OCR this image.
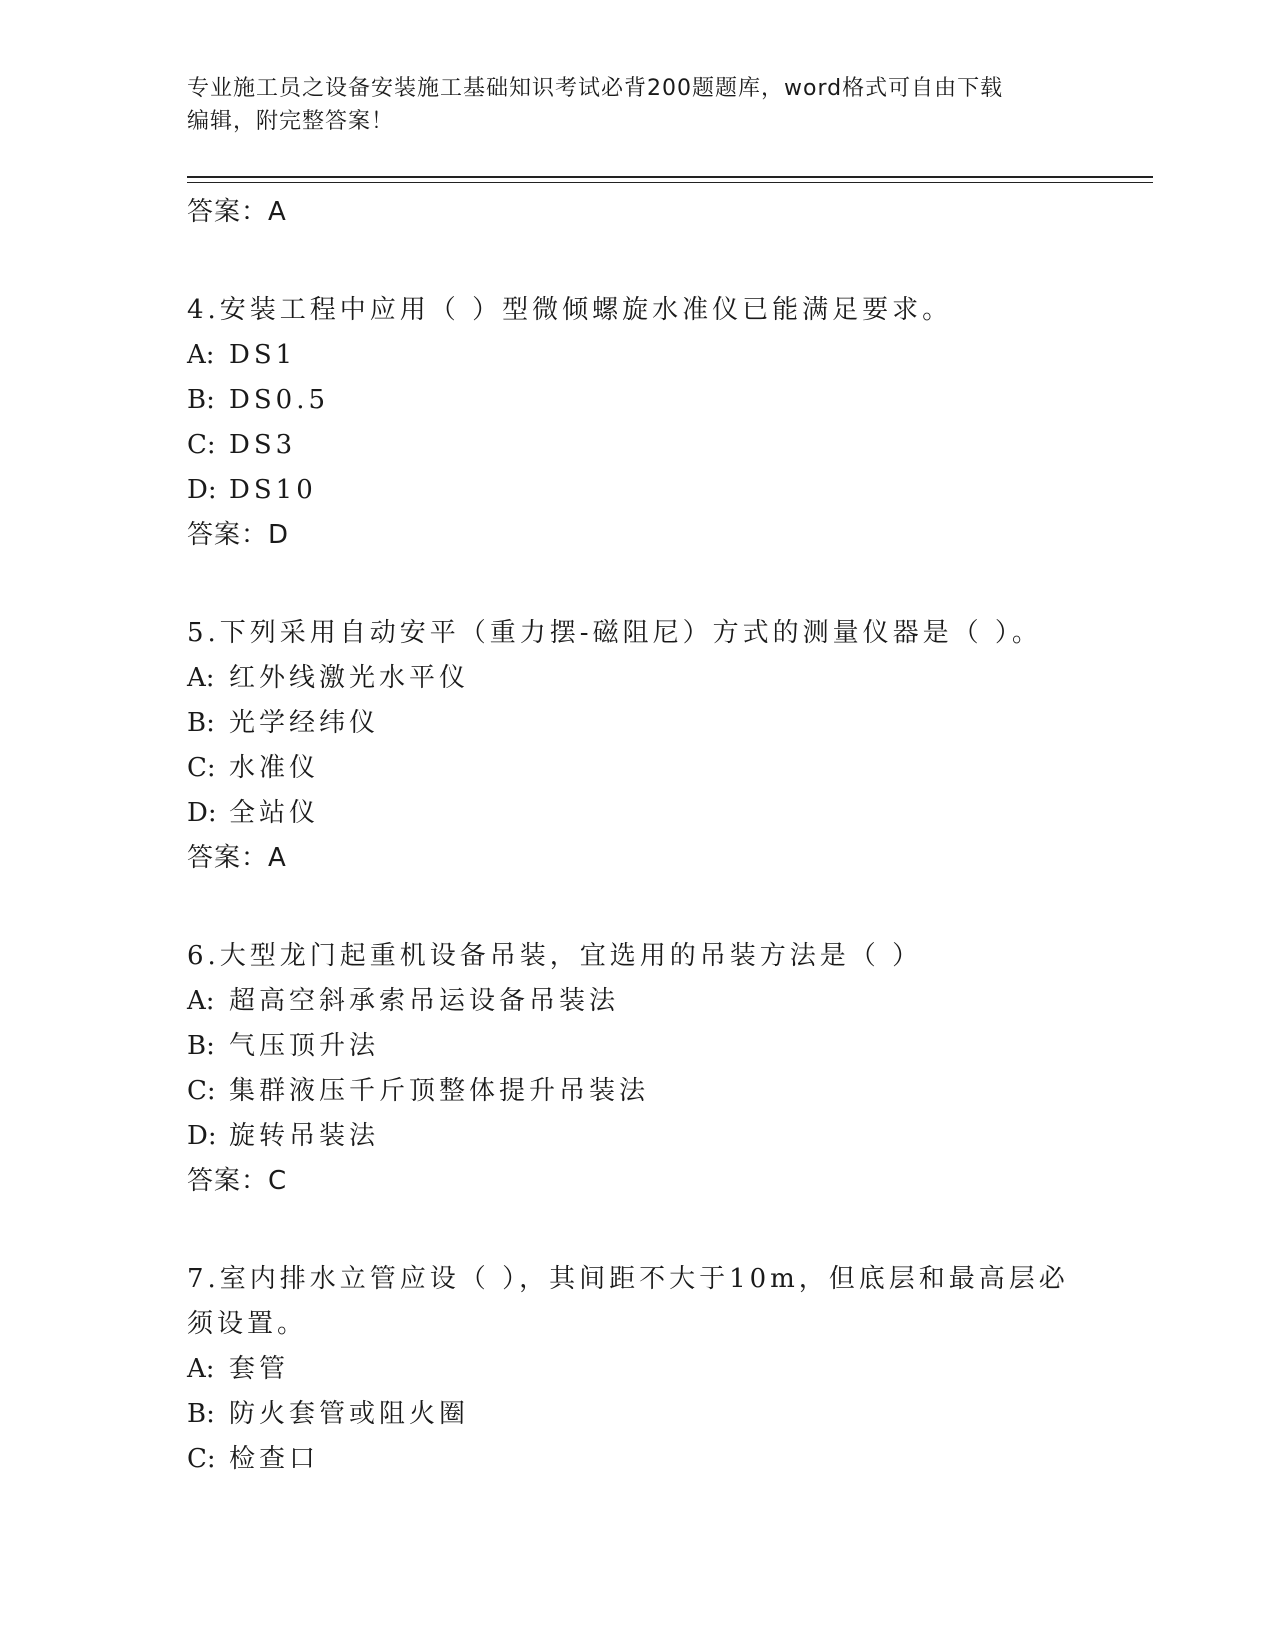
专业施工员之设备安装施工基础知识考试必背200题题库，word格式可自由下载
编辑，附完整答案！
答案：A
4.安装工程中应用（ ）型微倾螺旋水准仪已能满足要求。
A: DS1
B: DS0.5
C: DS3
D: DS10
答案：D
5.下列采用自动安平（重力摆-磁阻尼）方式的测量仪器是（ ）。
A: 红外线激光水平仪
B: 光学经纬仪
C: 水准仪
D: 全站仪
答案：A
6.大型龙门起重机设备吊装，宜选用的吊装方法是（ ）
A: 超高空斜承索吊运设备吊装法
B: 气压顶升法
C: 集群液压千斤顶整体提升吊装法
D: 旋转吊装法
答案：C
7.室内排水立管应设（ ），其间距不大于10m，但底层和最高层必须设置。
A: 套管
B: 防火套管或阻火圈
C: 检查口
